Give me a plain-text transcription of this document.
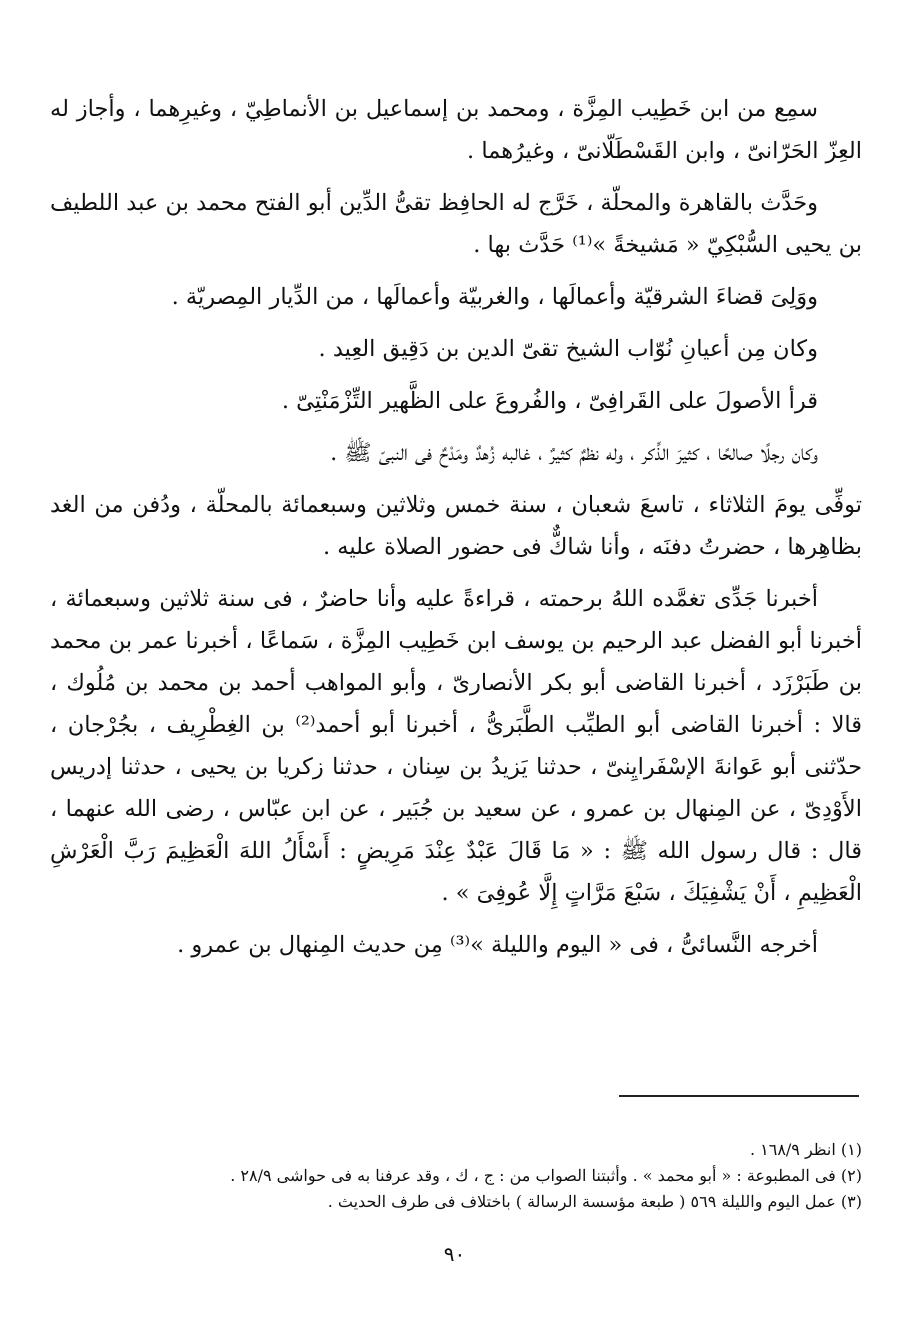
سمِع من ابن خَطِيب المِزَّة ، ومحمد بن إسماعيل بن الأنماطِيّ ، وغيرِهما ، وأجاز له العِزّ الحَرّانىّ ، وابن القَسْطَلّانىّ ، وغيرُهما .

وحَدَّث بالقاهرة والمحلّة ، خَرَّج له الحافِظ تقىُّ الدِّين أبو الفتح محمد بن عبد اللطيف بن يحيى السُّبْكِيّ « مَشيخةً »⁽¹⁾ حَدَّث بها .

ووَلِىَ قضاءَ الشرقيّة وأعمالَها ، والغربيّة وأعمالَها ، من الدِّيار المِصريّة .

وكان مِن أعيانِ نُوّاب الشيخ تقىّ الدين بن دَقِيق العِيد .

قرأ الأصولَ على القَرافِىّ ، والفُروعَ على الظَّهير التِّزْمَنْتِىّ .

وكان رجلًا صالحًا ، كثيرَ الذِّكر ، وله نظمٌ كثيرٌ ، غالبه زُهدٌ ومَدْحٌ فى النبىّ ﷺ .

توفِّى يومَ الثلاثاء ، تاسعَ شعبان ، سنة خمس وثلاثين وسبعمائة بالمحلّة ، ودُفن من الغد بظاهِرها ، حضرتُ دفنَه ، وأنا شاكٌّ فى حضور الصلاة عليه .

أخبرنا جَدِّى تغمَّده اللهُ برحمته ، قراءةً عليه وأنا حاضرٌ ، فى سنة ثلاثين وسبعمائة ، أخبرنا أبو الفضل عبد الرحيم بن يوسف ابن خَطِيب المِزَّة ، سَماعًا ، أخبرنا عمر بن محمد بن طَبَرْزَد ، أخبرنا القاضى أبو بكر الأنصارىّ ، وأبو المواهب أحمد بن محمد بن مُلُوك ، قالا : أخبرنا القاضى أبو الطيِّب الطَّبَرىُّ ، أخبرنا أبو أحمد⁽²⁾ بن الغِطْرِيف ، بجُرْجان ، حدّثنى أبو عَوانةَ الإسْفَرايِنىّ ، حدثنا يَزيدُ بن سِنان ، حدثنا زكريا بن يحيى ، حدثنا إدريس الأَوْدِىّ ، عن المِنهال بن عمرو ، عن سعيد بن جُبَير ، عن ابن عبّاس ، رضى الله عنهما ، قال : قال رسول الله ﷺ : « مَا قَالَ عَبْدٌ عِنْدَ مَرِيضٍ : أَسْأَلُ اللهَ الْعَظِيمَ رَبَّ الْعَرْشِ الْعَظِيمِ ، أَنْ يَشْفِيَكَ ، سَبْعَ مَرَّاتٍ إِلَّا عُوفِىَ » .

أخرجه النَّسائىُّ ، فى « اليوم والليلة »⁽³⁾ مِن حديث المِنهال بن عمرو .

(١) انظر ١٦٨/٩ .

(٢) فى المطبوعة : « أبو محمد » . وأثبتنا الصواب من : ج ، ك ، وقد عرفنا به فى حواشى ٢٨/٩ .

(٣) عمل اليوم والليلة ٥٦٩ ( طبعة مؤسسة الرسالة ) باختلاف فى طرف الحديث .

٩٠
